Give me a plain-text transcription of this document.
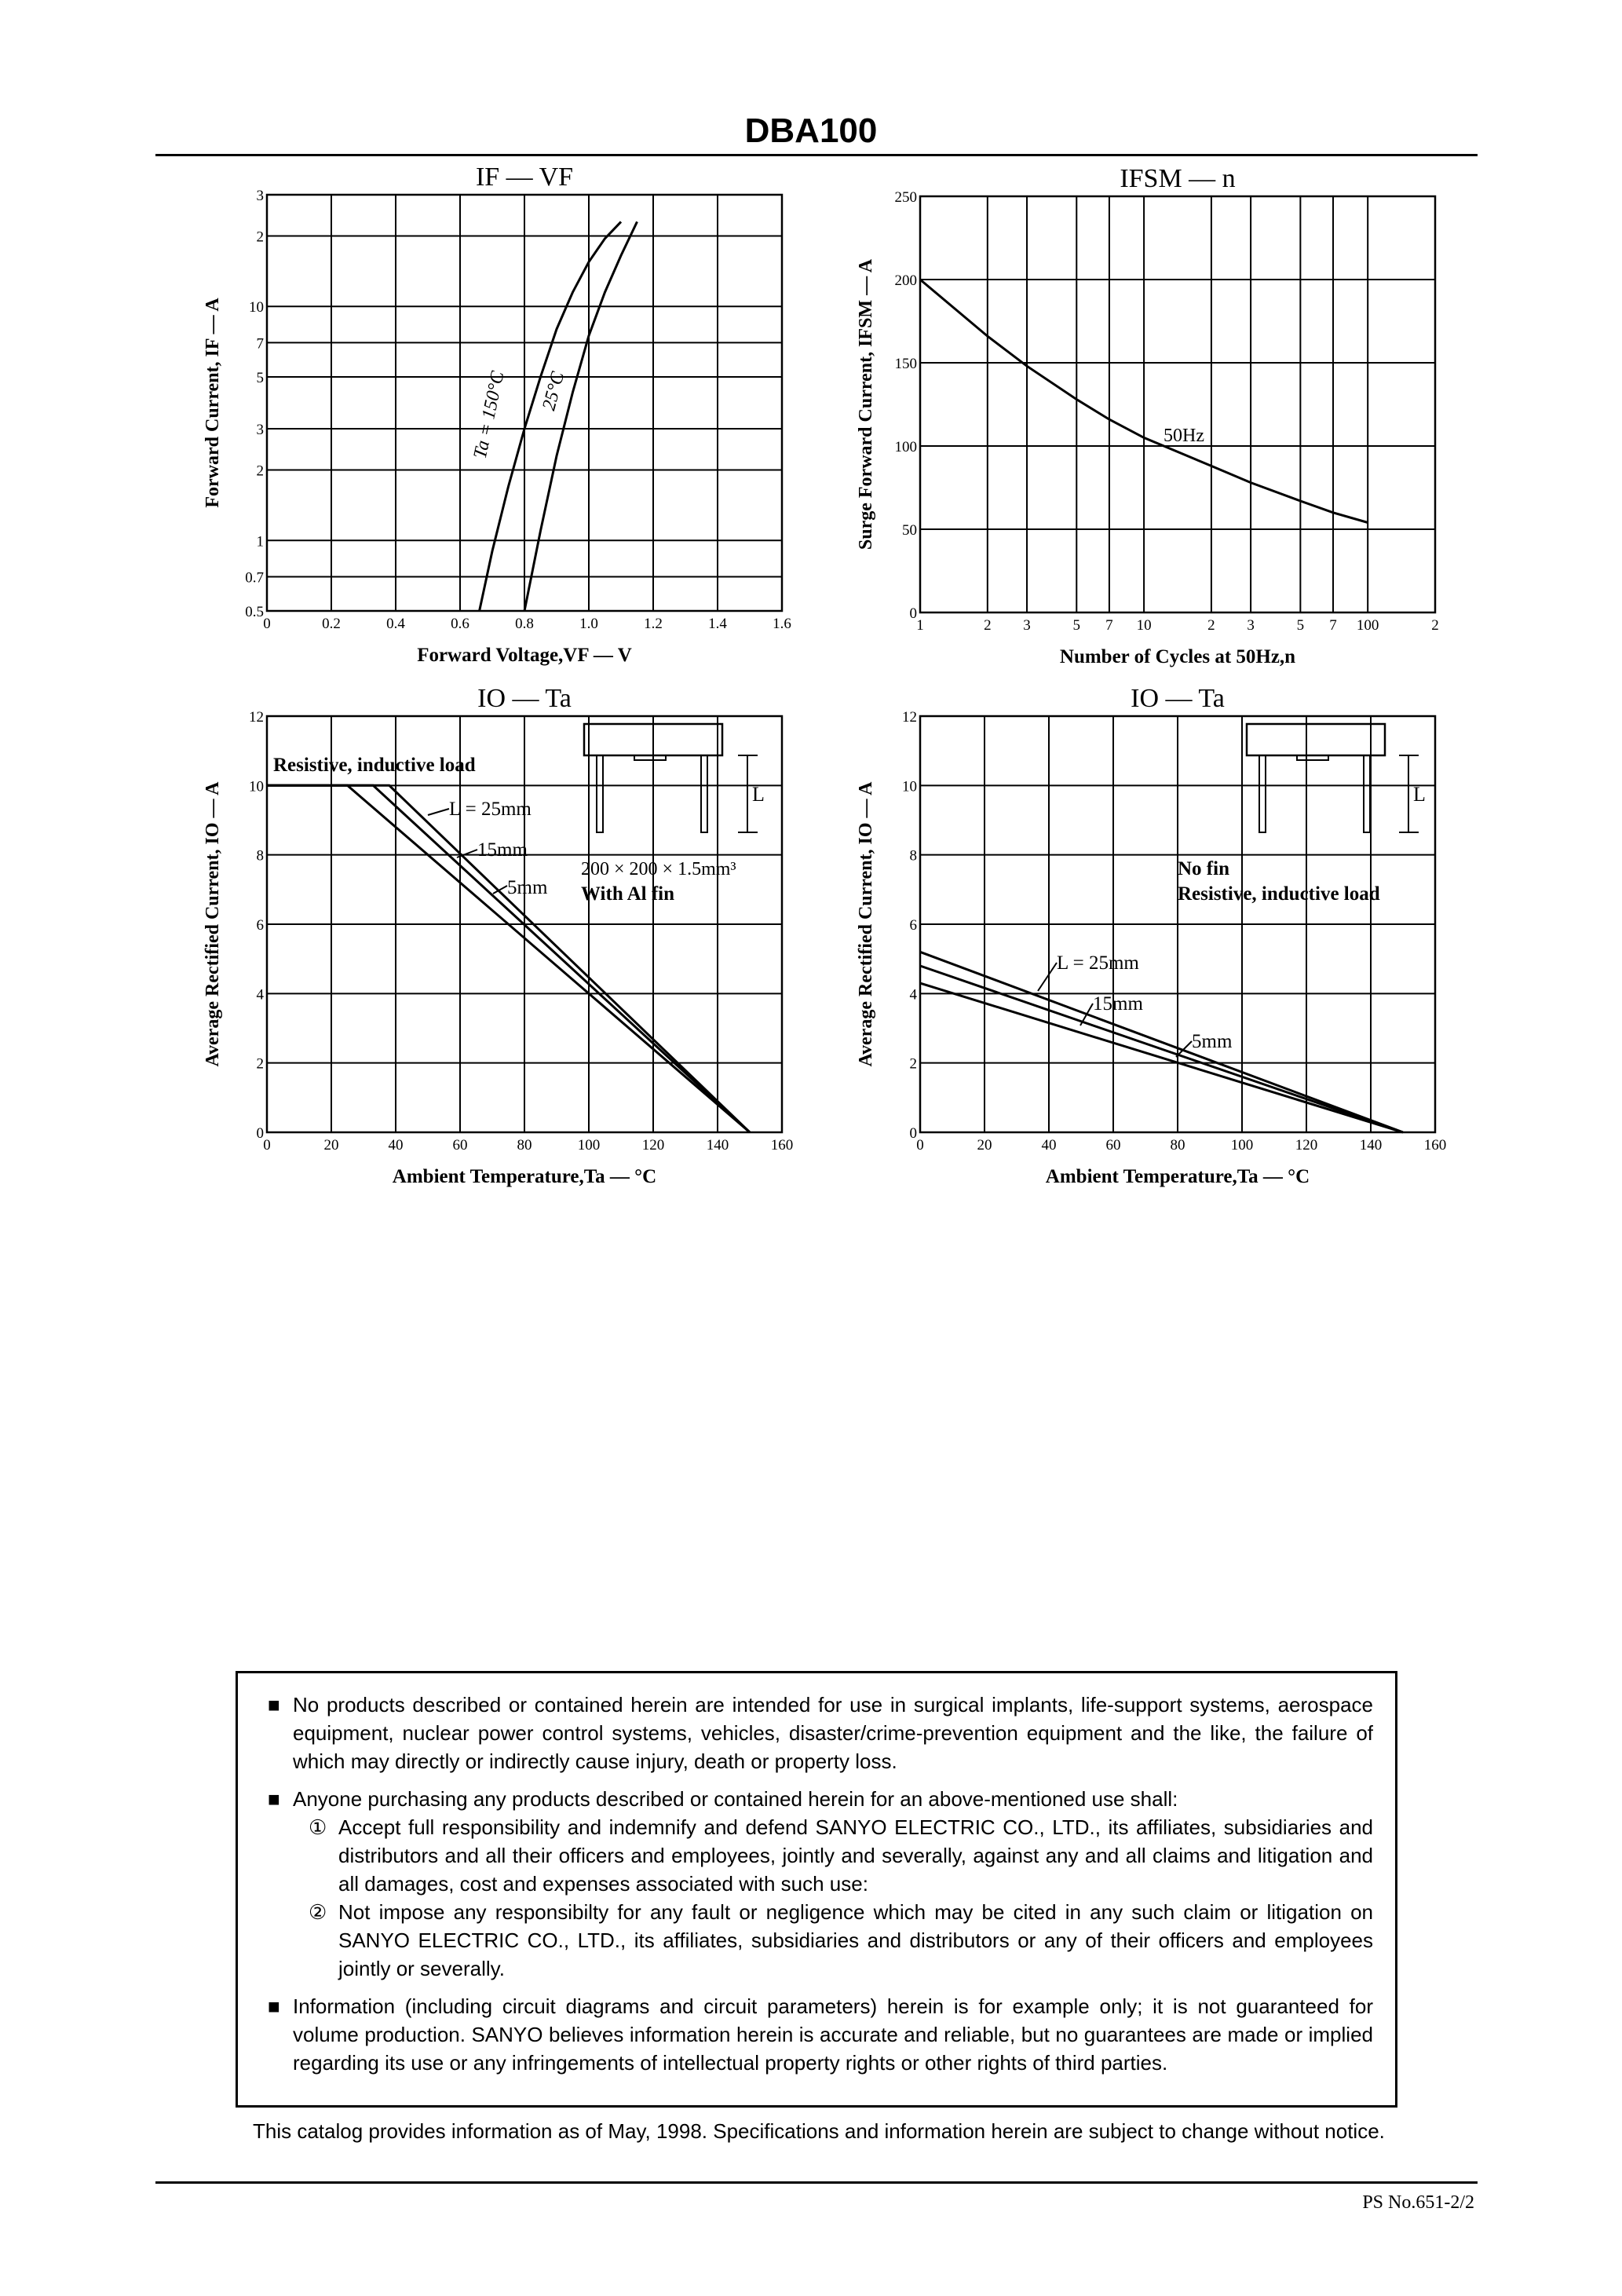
DBA100
0	0.2	0.4	0.6	0.8	1.0	1.2	1.4	1.6
0.5
0.7
1
2
3
5
7
10
2
3
IF — VF
Forward Voltage,VF — V
Forward Current, IF — A	Ta = 150°C 25°C
1	2 3	5 7 10	2 3	5 7 100	2
0
50
100
150
200
250
IFSM — n
Number of Cycles at 50Hz,n
Surge Forward Current, IFSM — A	50Hz
0	20	40	60	80	100	120	140	160
0
2
4
6
8
10
12
IO — Ta
Ambient Temperature,Ta — °C
Average Rectified Current, IO — A
Resistive, inductive load
L = 25mm
15mm
5mm
200 × 200 × 1.5mm³
With Al fin
L
0	20	40	60	80	100	120	140	160
0
2
4
6
8
10
12
IO — Ta
Ambient Temperature,Ta — °C
Average Rectified Current, IO — A	No fin
Resistive, inductive load
L = 25mm
15mm
5mm
L
■ No products described or contained herein are intended for use in surgical implants, life-support systems, aerospace equipment, nuclear power control systems, vehicles, disaster/crime-prevention equipment and the like, the failure of which may directly or indirectly cause injury, death or property loss.
■ Anyone purchasing any products described or contained herein for an above-mentioned use shall:
① Accept full responsibility and indemnify and defend SANYO ELECTRIC CO., LTD., its affiliates, subsidiaries and distributors and all their officers and employees, jointly and severally, against any and all claims and litigation and all damages, cost and expenses associated with such use:
② Not impose any responsibilty for any fault or negligence which may be cited in any such claim or litigation on SANYO ELECTRIC CO., LTD., its affiliates, subsidiaries and distributors or any of their officers and employees jointly or severally.
■ Information (including circuit diagrams and circuit parameters) herein is for example only; it is not guaranteed for volume production. SANYO believes information herein is accurate and reliable, but no guarantees are made or implied regarding its use or any infringements of intellectual property rights or other rights of third parties.
This catalog provides information as of May, 1998. Specifications and information herein are subject to change without notice.
PS No.651-2/2
